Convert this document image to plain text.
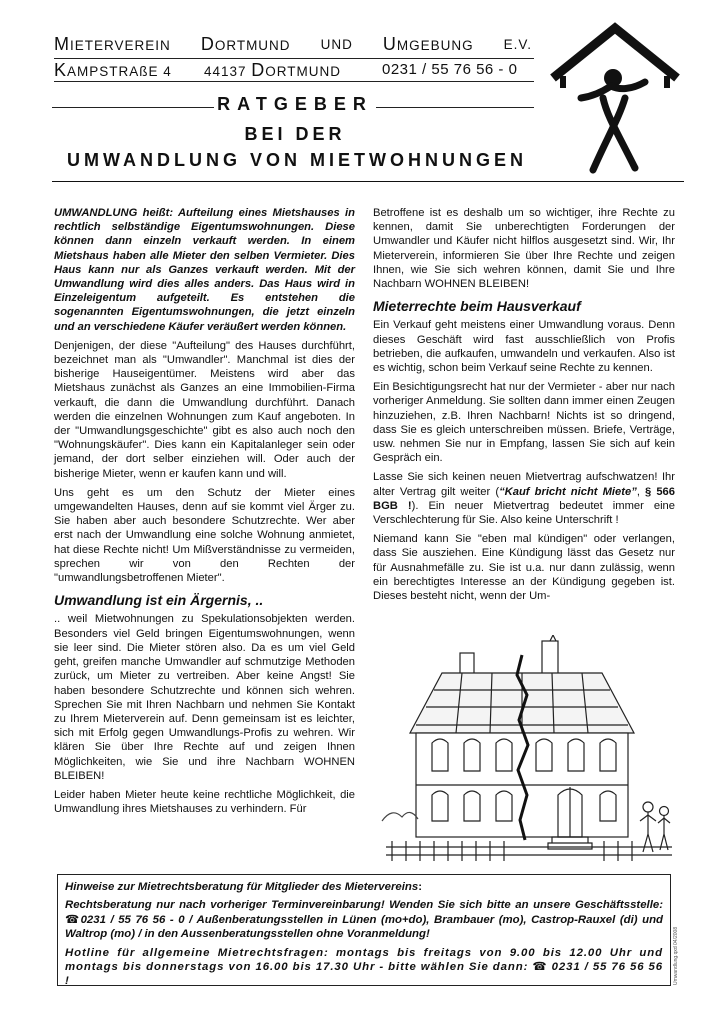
MIETERVEREIN DORTMUND UND UMGEBUNG E.V.
KAMPSTRAßE 4 44137 DORTMUND	0231 / 55 76 56 - 0
RATGEBER
BEI DER
UMWANDLUNG VON MIETWOHNUNGEN

UMWANDLUNG heißt: Aufteilung eines Mietshauses in rechtlich selbständige Eigentumswohnungen. Diese können dann einzeln verkauft werden. In einem Mietshaus haben alle Mieter den selben Vermieter. Dies Haus kann nur als Ganzes verkauft werden. Mit der Umwandlung wird dies alles anders. Das Haus wird in Einzeleigentum aufgeteilt. Es entstehen die sogenannten Eigentumswohnungen, die jetzt einzeln und an verschiedene Käufer veräußert werden können.

Denjenigen, der diese "Aufteilung" des Hauses durchführt, bezeichnet man als "Umwandler". Manchmal ist dies der bisherige Hauseigentümer. Meistens wird aber das Mietshaus zunächst als Ganzes an eine Immobilien-Firma verkauft, die dann die Umwandlung durchführt. Danach werden die einzelnen Wohnungen zum Kauf angeboten. In der "Umwandlungsgeschichte" gibt es also auch noch den "Wohnungskäufer". Dies kann ein Kapitalanleger sein oder jemand, der dort selber einziehen will. Oder auch der bisherige Mieter, wenn er kaufen kann und will.

Uns geht es um den Schutz der Mieter eines umgewandelten Hauses, denn auf sie kommt viel Ärger zu. Sie haben aber auch besondere Schutzrechte. Wer aber erst nach der Umwandlung eine solche Wohnung anmietet, hat diese Rechte nicht! Um Mißverständnisse zu vermeiden, sprechen wir von den Rechten der "umwandlungsbetroffenen Mieter".

Umwandlung ist ein Ärgernis, ..

.. weil Mietwohnungen zu Spekulationsobjekten werden. Besonders viel Geld bringen Eigentumswohnungen, wenn sie leer sind. Die Mieter stören also. Da es um viel Geld geht, greifen manche Umwandler auf schmutzige Methoden zurück, um Mieter zu vertreiben. Aber keine Angst! Sie haben besondere Schutzrechte und können sich wehren. Sprechen Sie mit Ihren Nachbarn und nehmen Sie Kontakt zu Ihrem Mieterverein auf. Denn gemeinsam ist es leichter, sich mit Erfolg gegen Umwandlungs-Profis zu wehren. Wir klären Sie über Ihre Rechte auf und zeigen Ihnen Möglichkeiten, wie Sie und ihre Nachbarn WOHNEN BLEIBEN!

Leider haben Mieter heute keine rechtliche Möglichkeit, die Umwandlung ihres Mietshauses zu verhindern. Für

Betroffene ist es deshalb um so wichtiger, ihre Rechte zu kennen, damit Sie unberechtigten Forderungen der Umwandler und Käufer nicht hilflos ausgesetzt sind. Wir, Ihr Mieterverein, informieren Sie über Ihre Rechte und zeigen Ihnen, wie Sie sich wehren können, damit Sie und Ihre Nachbarn WOHNEN BLEIBEN!

Mieterrechte beim Hausverkauf

Ein Verkauf geht meistens einer Umwandlung voraus. Denn dieses Geschäft wird fast ausschließlich von Profis betrieben, die aufkaufen, umwandeln und verkaufen. Also ist es wichtig, schon beim Verkauf seine Rechte zu kennen.

Ein Besichtigungsrecht hat nur der Vermieter - aber nur nach vorheriger Anmeldung. Sie sollten dann immer einen Zeugen hinzuziehen, z.B. Ihren Nachbarn! Nichts ist so dringend, dass Sie es gleich unterschreiben müssen. Briefe, Verträge, usw. nehmen Sie nur in Empfang, lassen Sie sich auf kein Gespräch ein.

Lasse Sie sich keinen neuen Mietvertrag aufschwatzen! Ihr alter Vertrag gilt weiter (“Kauf bricht nicht Miete”, § 566 BGB !). Ein neuer Mietvertrag bedeutet immer eine Verschlechterung für Sie. Also keine Unterschrift !

Niemand kann Sie "eben mal kündigen" oder verlangen, dass Sie ausziehen. Eine Kündigung lässt das Gesetz nur für Ausnahmefälle zu. Sie ist u.a. nur dann zulässig, wenn ein berechtigtes Interesse an der Kündigung gegeben ist. Dieses besteht nicht, wenn der Um-

Hinweise zur Mietrechtsberatung für Mitglieder des Mietervereins:

Rechtsberatung nur nach vorheriger Terminvereinbarung! Wenden Sie sich bitte an unsere Geschäftsstelle: ☎0231 / 55 76 56 - 0 / Außenberatungsstellen in Lünen (mo+do), Brambauer (mo), Castrop-Rauxel (di) und Waltrop (mo) / in den Aussenberatungsstellen ohne Voranmeldung!

Hotline für allgemeine Mietrechtsfragen: montags bis freitags von 9.00 bis 12.00 Uhr und montags bis donnerstags von 16.00 bis 17.30 Uhr - bitte wählen Sie dann: ☎ 0231 / 55 76 56 56 !	Umwandlung.qxd 04/2008
